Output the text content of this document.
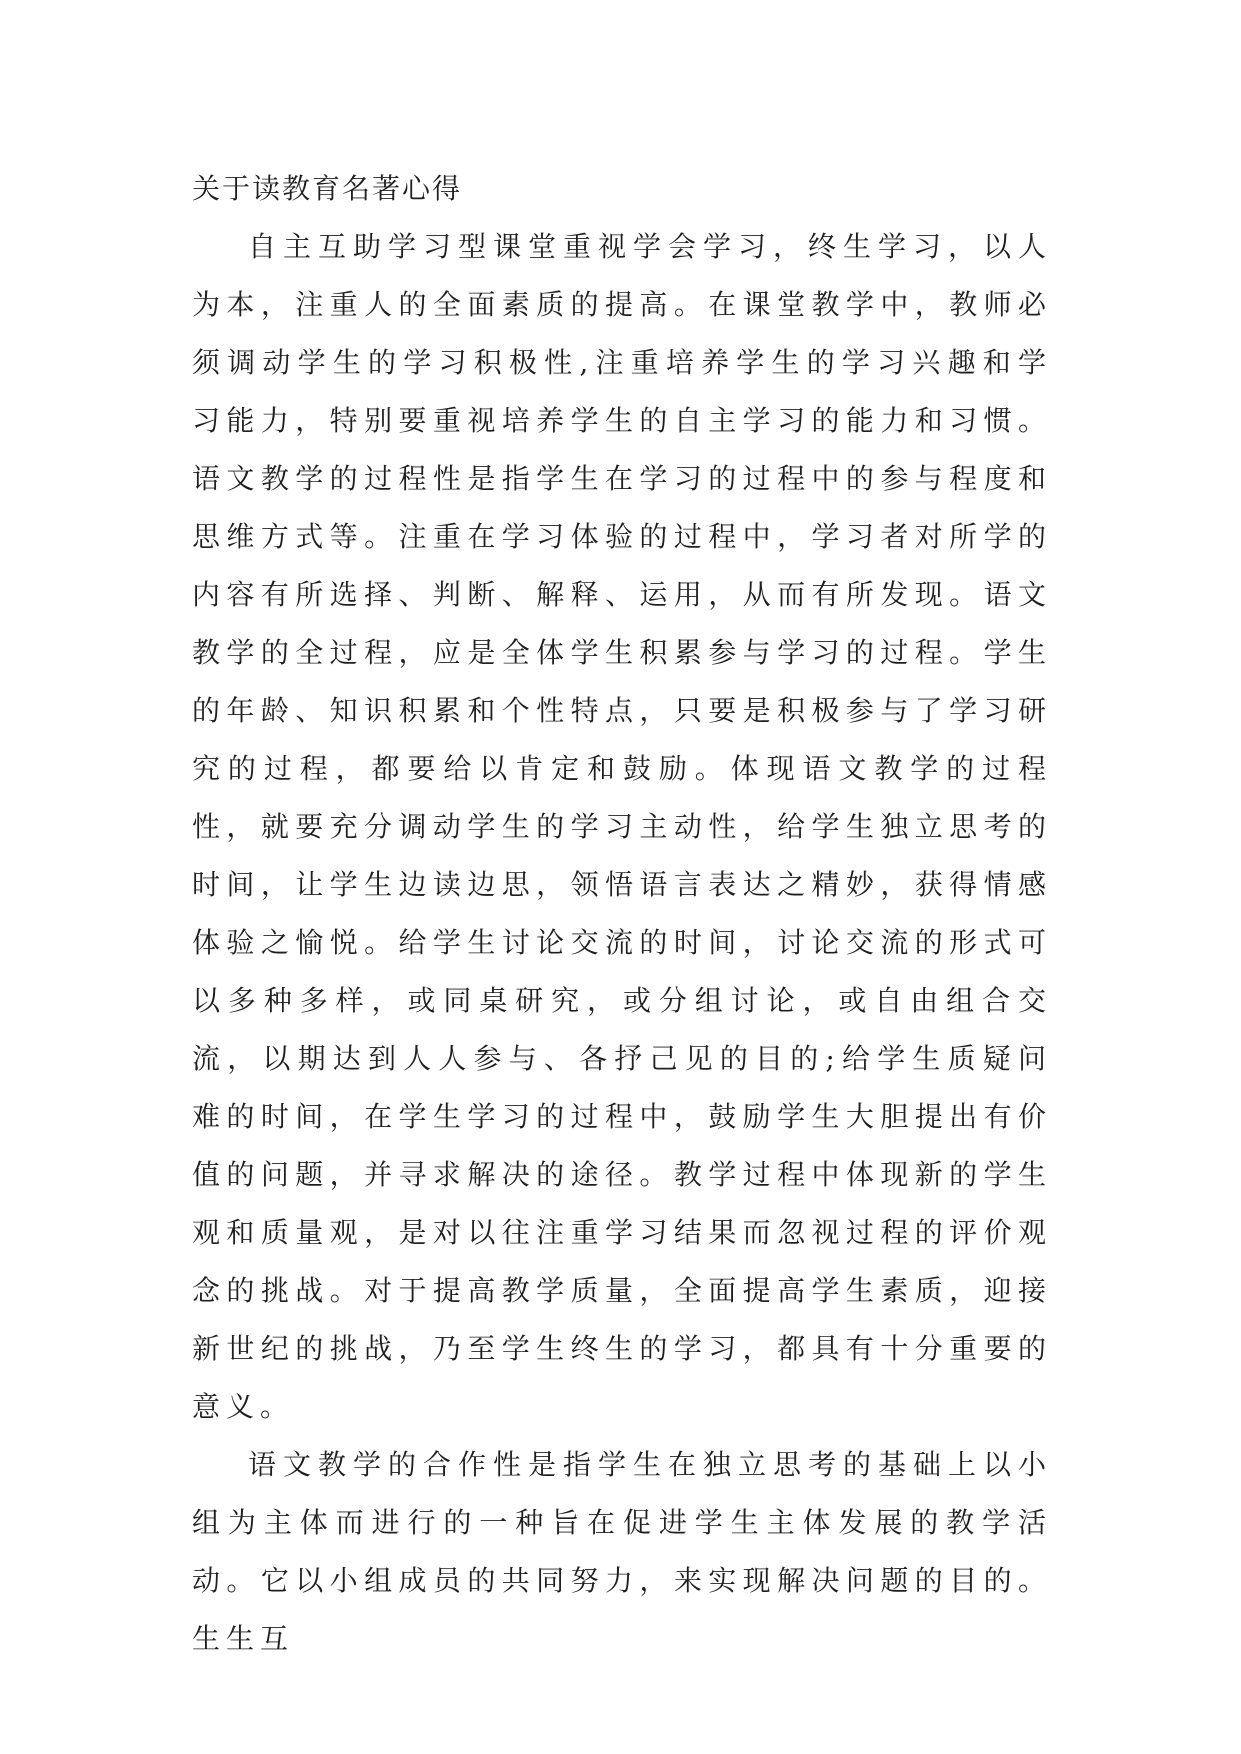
关于读教育名著心得

自主互助学习型课堂重视学会学习，终生学习，以人为本，注重人的全面素质的提高。在课堂教学中，教师必须调动学生的学习积极性,注重培养学生的学习兴趣和学习能力，特别要重视培养学生的自主学习的能力和习惯。语文教学的过程性是指学生在学习的过程中的参与程度和思维方式等。注重在学习体验的过程中，学习者对所学的内容有所选择、判断、解释、运用，从而有所发现。语文教学的全过程，应是全体学生积累参与学习的过程。学生的年龄、知识积累和个性特点，只要是积极参与了学习研究的过程，都要给以肯定和鼓励。体现语文教学的过程性，就要充分调动学生的学习主动性，给学生独立思考的时间，让学生边读边思，领悟语言表达之精妙，获得情感体验之愉悦。给学生讨论交流的时间，讨论交流的形式可以多种多样，或同桌研究，或分组讨论，或自由组合交流，以期达到人人参与、各抒己见的目的;给学生质疑问难的时间，在学生学习的过程中，鼓励学生大胆提出有价值的问题，并寻求解决的途径。教学过程中体现新的学生观和质量观，是对以往注重学习结果而忽视过程的评价观念的挑战。对于提高教学质量，全面提高学生素质，迎接新世纪的挑战，乃至学生终生的学习，都具有十分重要的意义。

语文教学的合作性是指学生在独立思考的基础上以小组为主体而进行的一种旨在促进学生主体发展的教学活动。它以小组成员的共同努力，来实现解决问题的目的。生生互
